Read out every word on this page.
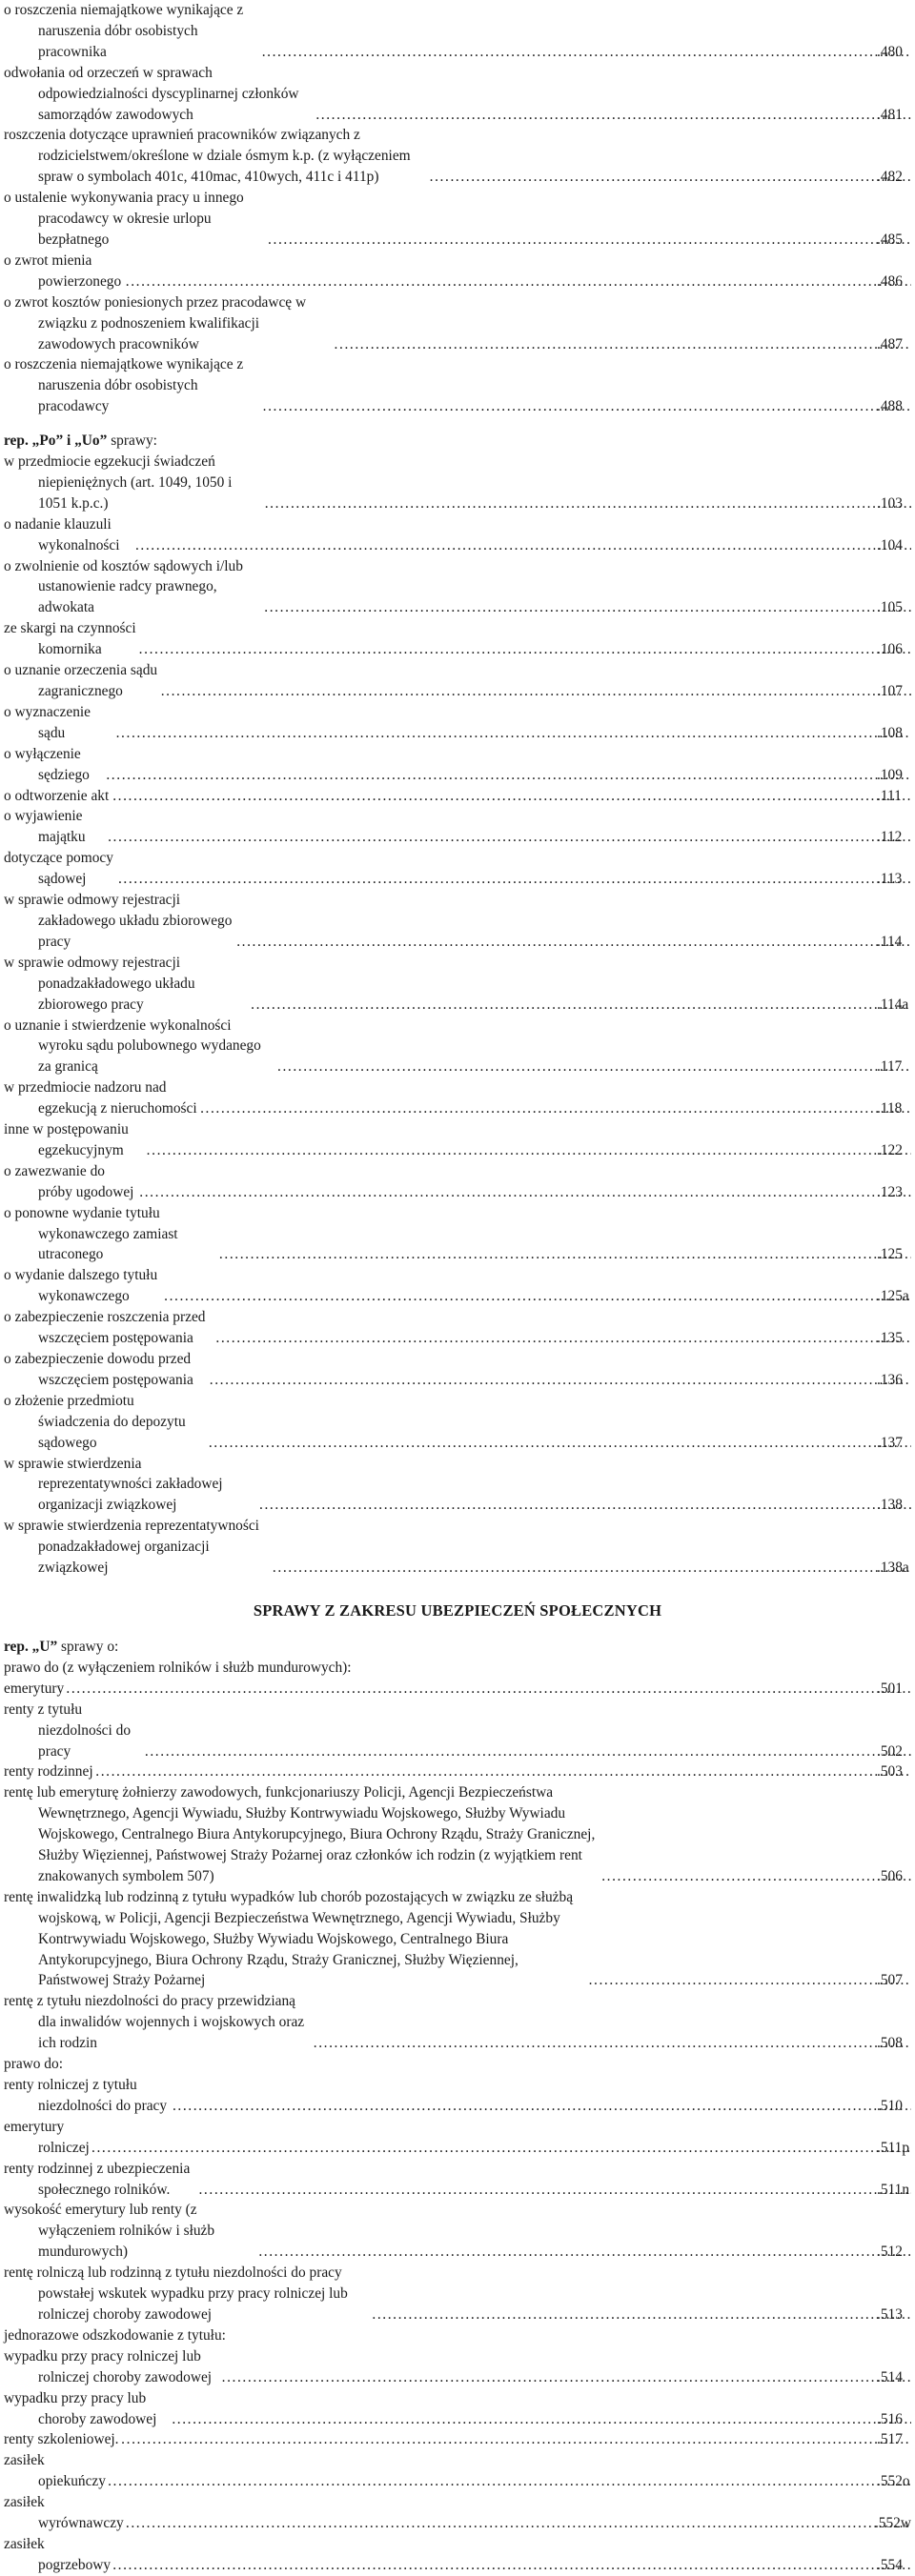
o roszczenia niemajątkowe wynikające z naruszenia dóbr osobistych pracownika .....	.480
odwołania od orzeczeń w sprawach odpowiedzialności dyscyplinarnej członków samorządów zawodowych .....	.481
roszczenia dotyczące uprawnień pracowników związanych z rodzicielstwem/określone w dziale ósmym k.p. (z wyłączeniem spraw o symbolach 401c, 410mac, 410wych, 411c i 411p) .....	.482
o ustalenie wykonywania pracy u innego pracodawcy w okresie urlopu bezpłatnego .....	.485
o zwrot mienia powierzonego .....	.486
o zwrot kosztów poniesionych przez pracodawcę w związku z podnoszeniem kwalifikacji zawodowych pracowników .....	.487
o roszczenia niemajątkowe wynikające z naruszenia dóbr osobistych pracodawcy .....	.488
rep. „Po” i „Uo” sprawy:
w przedmiocie egzekucji świadczeń niepieniężnych (art. 1049, 1050 i 1051 k.p.c.) .....	.103
o nadanie klauzuli wykonalności .....	.104
o zwolnienie od kosztów sądowych i/lub ustanowienie radcy prawnego, adwokata .....	.105
ze skargi na czynności komornika .....	.106
o uznanie orzeczenia sądu zagranicznego .....	.107
o wyznaczenie sądu .....	.108
o wyłączenie sędziego .....	.109
o odtworzenie akt .....	.111
o wyjawienie majątku .....	.112
dotyczące pomocy sądowej .....	.113
w sprawie odmowy rejestracji zakładowego układu zbiorowego pracy .....	.114
w sprawie odmowy rejestracji ponadzakładowego układu zbiorowego pracy .....	.114a
o uznanie i stwierdzenie wykonalności wyroku sądu polubownego wydanego za granicą .....	.117
w przedmiocie nadzoru nad egzekucją z nieruchomości .....	.118
inne w postępowaniu egzekucyjnym .....	.122
o zawezwanie do próby ugodowej .....	.123
o ponowne wydanie tytułu wykonawczego zamiast utraconego .....	.125
o wydanie dalszego tytułu wykonawczego .....	.125a
o zabezpieczenie roszczenia przed wszczęciem postępowania .....	.135
o zabezpieczenie dowodu przed wszczęciem postępowania .....	.136
o złożenie przedmiotu świadczenia do depozytu sądowego .....	.137
w sprawie stwierdzenia reprezentatywności zakładowej organizacji związkowej .....	.138
w sprawie stwierdzenia reprezentatywności ponadzakładowej organizacji związkowej .....	.138a
SPRAWY Z ZAKRESU UBEZPIECZEŃ SPOŁECZNYCH
rep. „U” sprawy o:
prawo do (z wyłączeniem rolników i służb mundurowych):
emerytury .....	.501
renty z tytułu niezdolności do pracy .....	.502
renty rodzinnej .....	.503
rentę lub emeryturę żołnierzy zawodowych, funkcjonariuszy Policji, Agencji Bezpieczeństwa Wewnętrznego, Agencji Wywiadu, Służby Kontrwywiadu Wojskowego, Służby Wywiadu Wojskowego, Centralnego Biura Antykorupcyjnego, Biura Ochrony Rządu, Straży Granicznej, Służby Więziennej, Państwowej Straży Pożarnej oraz członków ich rodzin (z wyjątkiem rent znakowanych symbolem 507) .....	.506
rentę inwalidzką lub rodzinną z tytułu wypadków lub chorób pozostających w związku ze służbą wojskową, w Policji, Agencji Bezpieczeństwa Wewnętrznego, Agencji Wywiadu, Służby Kontrwywiadu Wojskowego, Służby Wywiadu Wojskowego, Centralnego Biura Antykorupcyjnego, Biura Ochrony Rządu, Straży Granicznej, Służby Więziennej, Państwowej Straży Pożarnej .....	.507
rentę z tytułu niezdolności do pracy przewidzianą dla inwalidów wojennych i wojskowych oraz ich rodzin .....	.508
prawo do:
renty rolniczej z tytułu niezdolności do pracy .....	.510
emerytury rolniczej .....	.511p
renty rodzinnej z ubezpieczenia społecznego rolników. .....	.511n
wysokość emerytury lub renty (z wyłączeniem rolników i służb mundurowych) .....	.512
rentę rolniczą lub rodzinną z tytułu niezdolności do pracy powstałej wskutek wypadku przy pracy rolniczej lub rolniczej choroby zawodowej .....	.513
jednorazowe odszkodowanie z tytułu:
wypadku przy pracy rolniczej lub rolniczej choroby zawodowej .....	.514
wypadku przy pracy lub choroby zawodowej .....	.516
renty szkoleniowej. .....	.517
zasiłek opiekuńczy .....	.552o
zasiłek wyrównawczy .....	.552w
zasiłek pogrzebowy .....	.554
